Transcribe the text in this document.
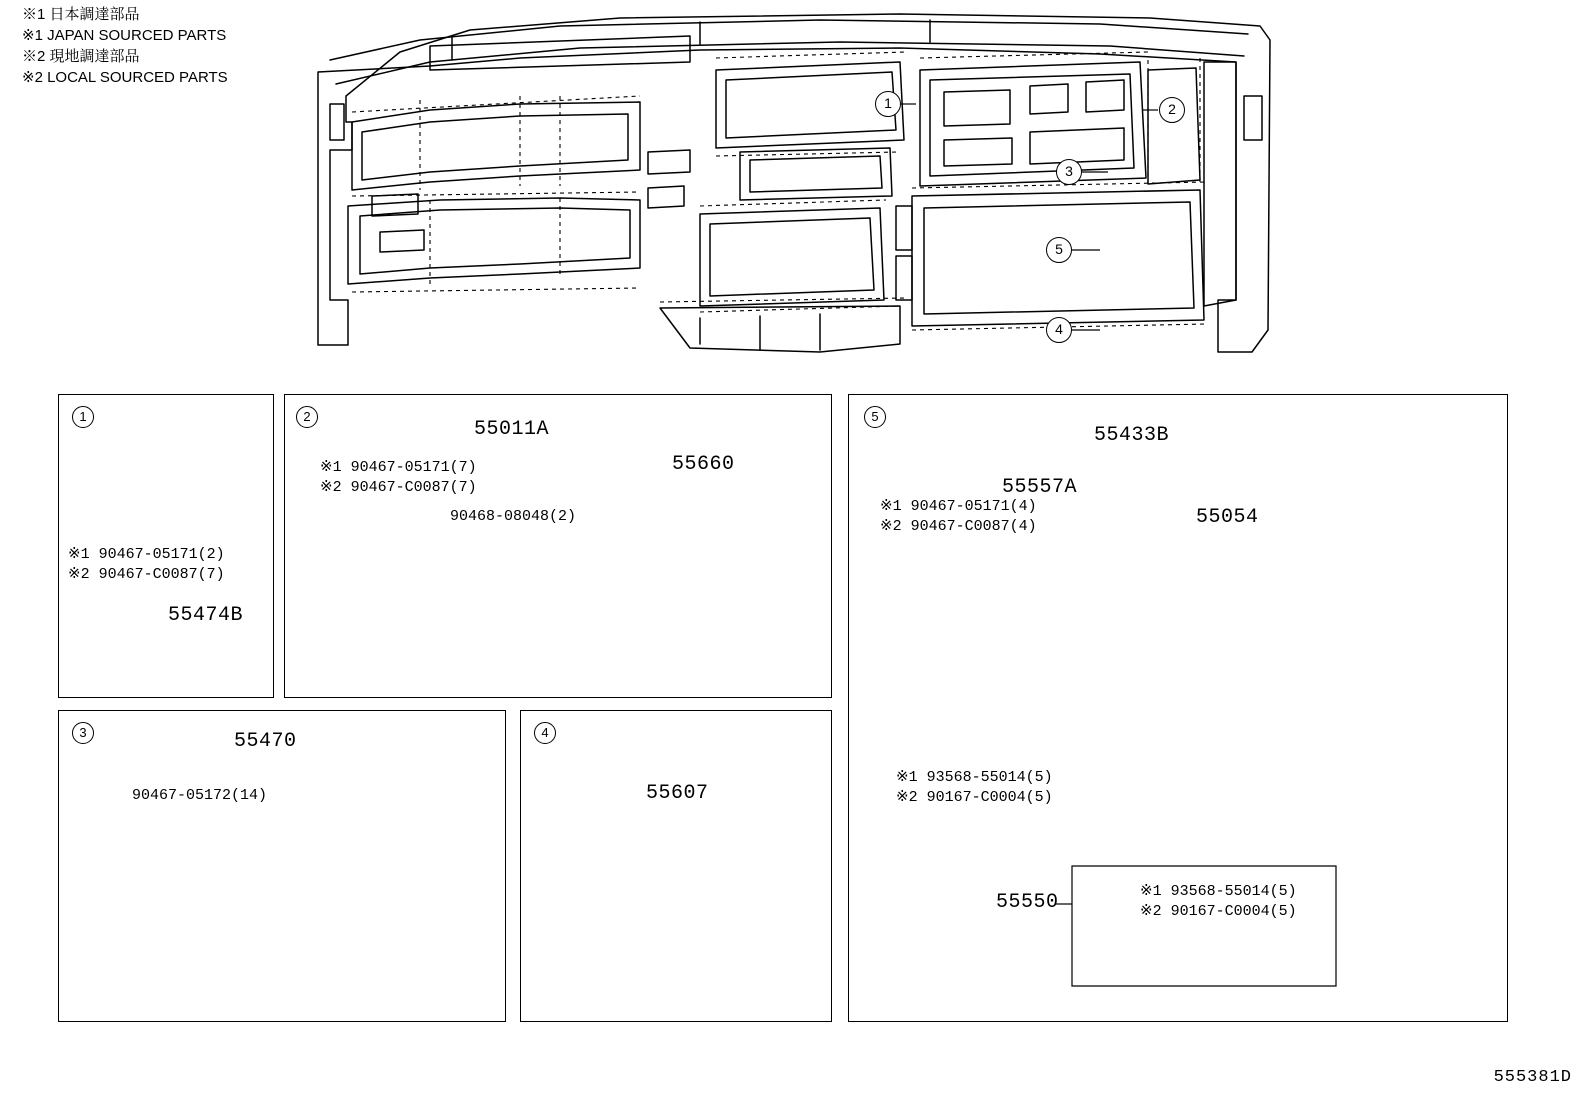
※1 日本調達部品
※1 JAPAN SOURCED PARTS
※2 現地調達部品
※2 LOCAL SOURCED PARTS
1	2
3
5
4
1
※1 90467-05171(2)
※2 90467-C0087(7)
55474B
2
55011A
55660
※1 90467-05171(7)
※2 90467-C0087(7)
90468-08048(2)
3	55470
90467-05172(14)
4
55607
5
55433B
55557A
55054
55550
※1 90467-05171(4)
※2 90467-C0087(4)
※1 93568-55014(5)
※2 90167-C0004(5)
※1 93568-55014(5)
※2 90167-C0004(5)
555381D
